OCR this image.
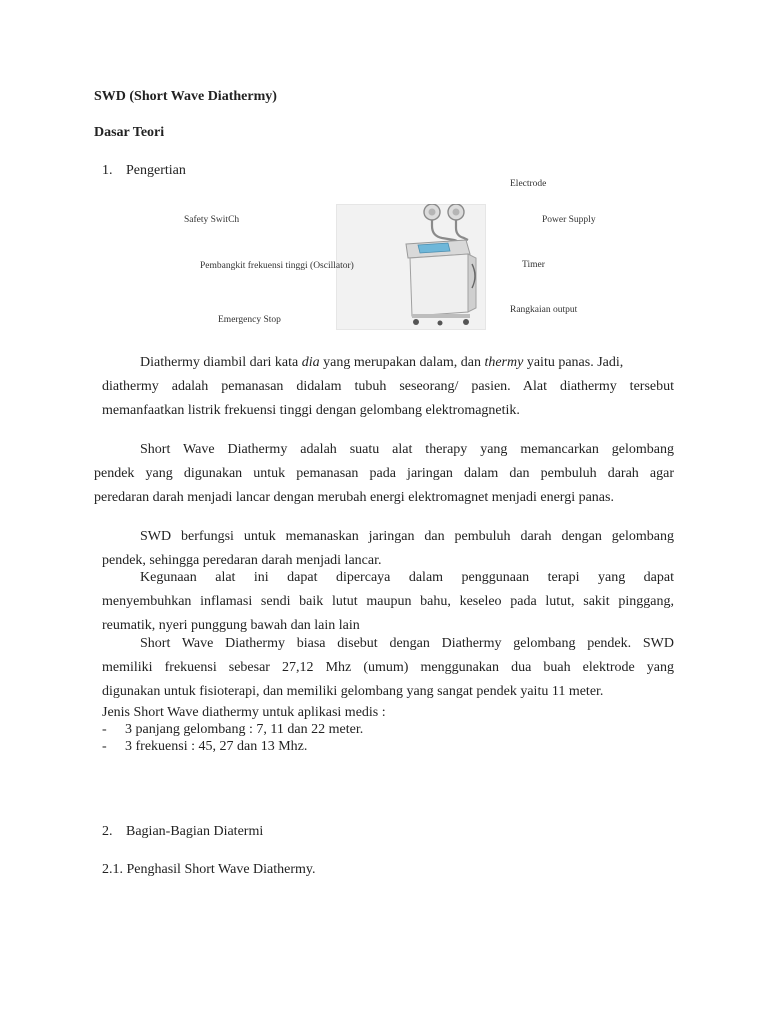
SWD (Short Wave Diathermy)
Dasar Teori
1. Pengertian
Electrode
Safety SwitCh	Power Supply
Pembangkit frekuensi tinggi (Oscillator)	Timer
Rangkaian output
Emergency Stop
Diathermy diambil dari kata dia yang merupakan dalam, dan thermy yaitu panas. Jadi,
diathermy adalah pemanasan didalam tubuh seseorang/ pasien. Alat diathermy tersebut
memanfaatkan listrik frekuensi tinggi dengan gelombang elektromagnetik.
Short Wave Diathermy adalah suatu alat therapy yang memancarkan gelombang
pendek yang digunakan untuk pemanasan pada jaringan dalam dan pembuluh darah agar
peredaran darah menjadi lancar dengan merubah energi elektromagnet menjadi energi panas.
SWD berfungsi untuk memanaskan jaringan dan pembuluh darah dengan gelombang
pendek, sehingga peredaran darah menjadi lancar.
Kegunaan alat ini dapat dipercaya dalam penggunaan terapi yang dapat
menyembuhkan inflamasi sendi baik lutut maupun bahu, keseleo pada lutut, sakit pinggang,
reumatik, nyeri punggung bawah dan lain lain
Short Wave Diathermy biasa disebut dengan Diathermy gelombang pendek. SWD
memiliki frekuensi sebesar 27,12 Mhz (umum) menggunakan dua buah elektrode yang
digunakan untuk fisioterapi, dan memiliki gelombang yang sangat pendek yaitu 11 meter.
Jenis Short Wave diathermy untuk aplikasi medis :
- 3 panjang gelombang : 7, 11 dan 22 meter.
- 3 frekuensi : 45, 27 dan 13 Mhz.
2. Bagian-Bagian Diatermi
2.1. Penghasil Short Wave Diathermy.
